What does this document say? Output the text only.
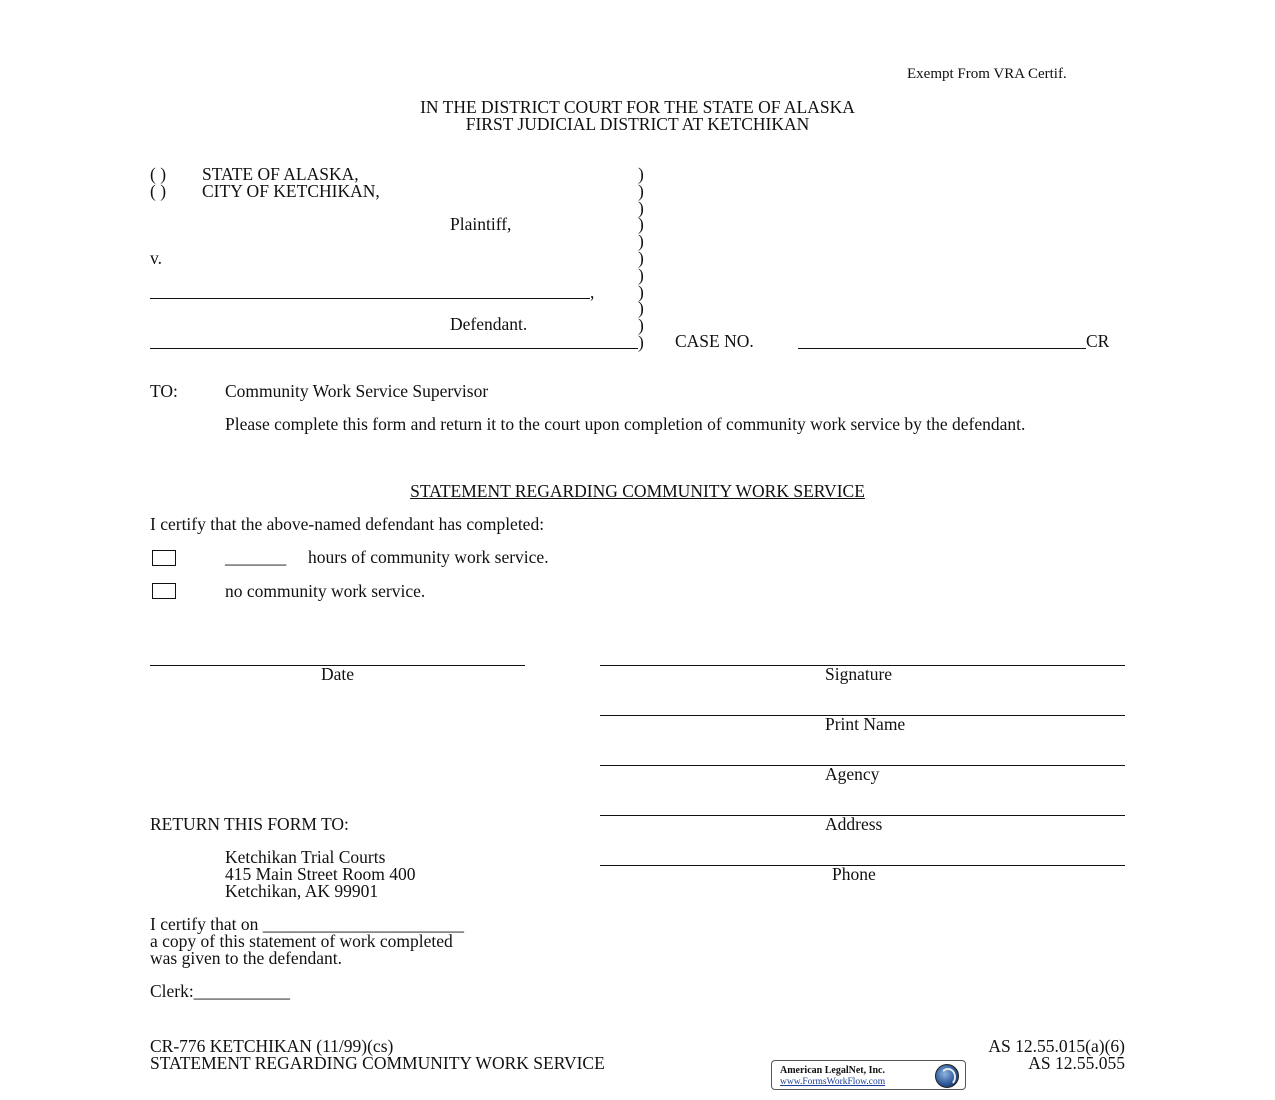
Exempt From VRA Certif.
IN THE DISTRICT COURT FOR THE STATE OF ALASKA
FIRST JUDICIAL DISTRICT AT KETCHIKAN
( ) STATE OF ALASKA,
( ) CITY OF KETCHIKAN,
Plaintiff,
v.
,
Defendant.
)
)
)
)
)
)
)
)
)
)
)	CASE NO.	CR
TO:	Community Work Service Supervisor
Please complete this form and return it to the court upon completion of community work service by the defendant.
STATEMENT REGARDING COMMUNITY WORK SERVICE
I certify that the above-named defendant has completed:
_______ hours of community work service.
no community work service.
Date	Signature
Print Name
Agency
Address
Phone
RETURN THIS FORM TO:
Ketchikan Trial Courts
415 Main Street Room 400
Ketchikan, AK 99901
I certify that on _______________________
a copy of this statement of work completed
was given to the defendant.
Clerk:___________
CR-776 KETCHIKAN (11/99)(cs)
STATEMENT REGARDING COMMUNITY WORK SERVICE
AS 12.55.015(a)(6)
AS 12.55.055
American LegalNet, Inc.
www.FormsWorkFlow.com
